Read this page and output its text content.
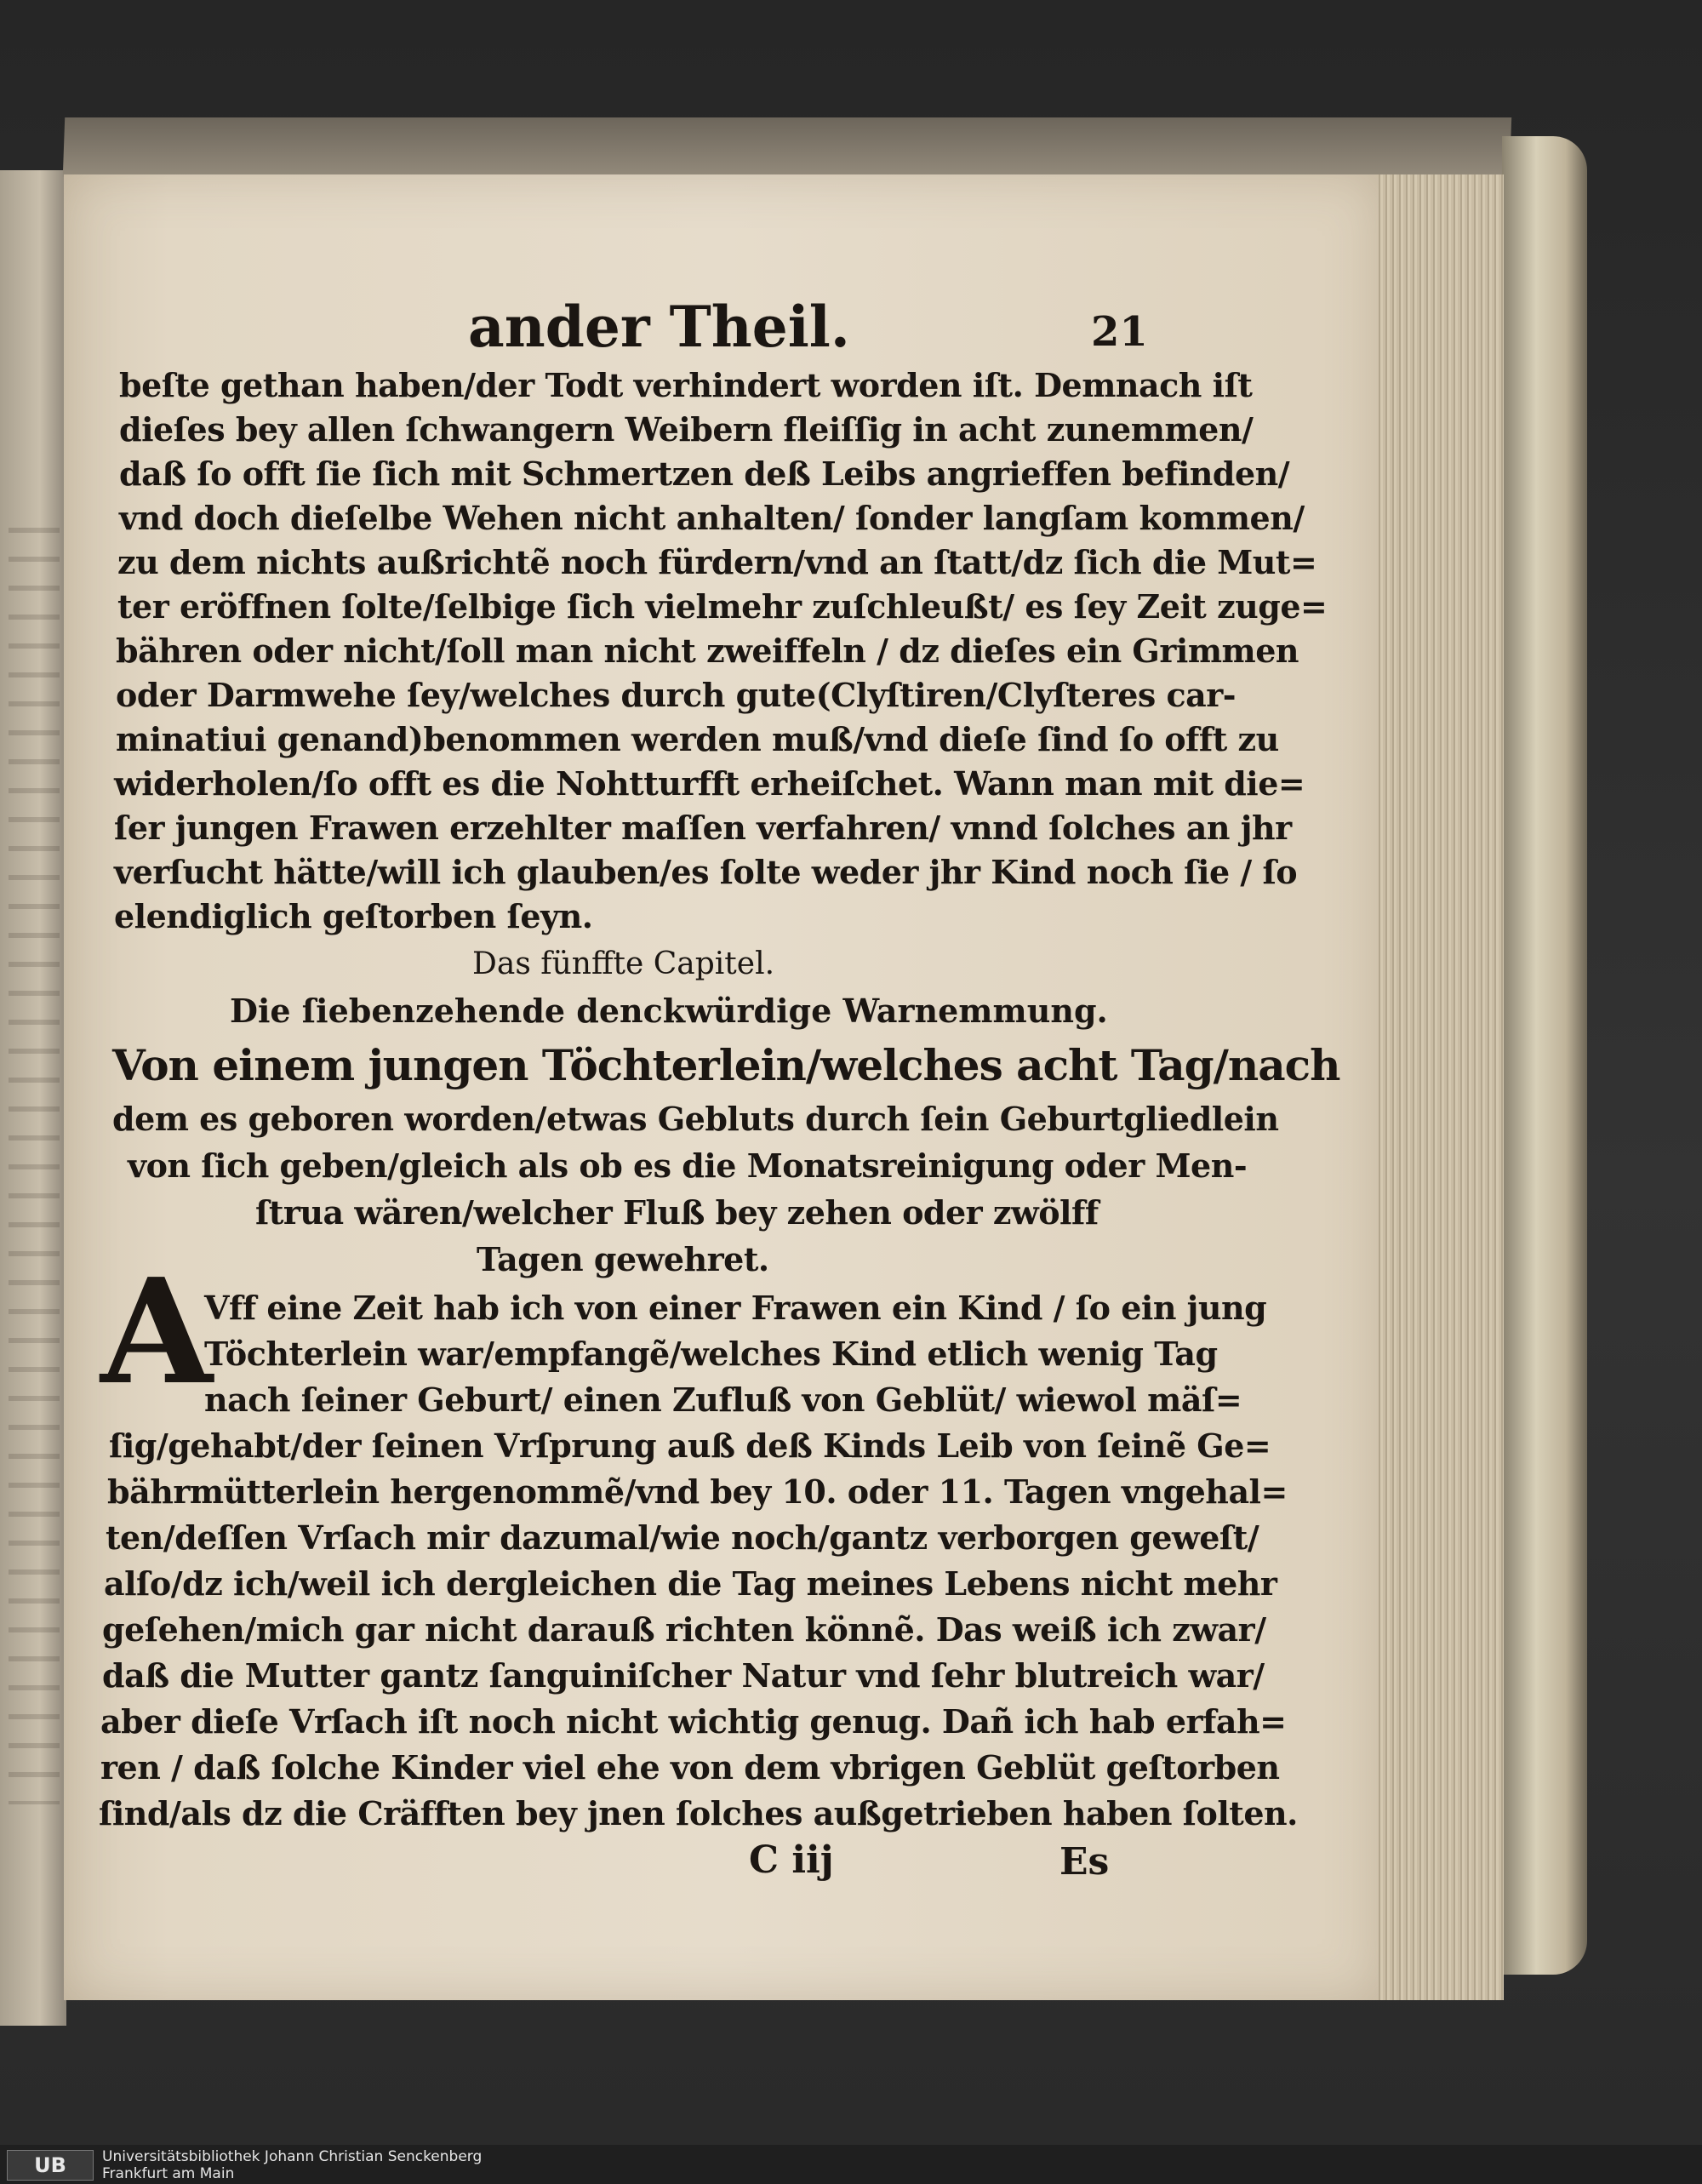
ander Theil.	21
beſte gethan haben/der Todt verhindert worden iſt. Demnach iſt
dieſes bey allen ſchwangern Weibern fleiſſig in acht zunemmen/
daß ſo offt ſie ſich mit Schmertzen deß Leibs angrieffen befinden/
vnd doch dieſelbe Wehen nicht anhalten/ ſonder langſam kommen/
zu dem nichts außrichtẽ noch fürdern/vnd an ſtatt/dz ſich die Mut=
ter eröffnen ſolte/ſelbige ſich vielmehr zuſchleußt/ es ſey Zeit zuge=
bähren oder nicht/ſoll man nicht zweiffeln / dz dieſes ein Grimmen
oder Darmwehe ſey/welches durch gute(Clyſtiren/Clyſteres car-
minatiui genand)benommen werden muß/vnd dieſe ſind ſo offt zu
widerholen/ſo offt es die Nohtturfft erheiſchet. Wann man mit die=
ſer jungen Frawen erzehlter maſſen verfahren/ vnnd ſolches an jhr
verſucht hätte/will ich glauben/es ſolte weder jhr Kind noch ſie / ſo
elendiglich geſtorben ſeyn.
Das fünffte Capitel.
Die ſiebenzehende denckwürdige Warnemmung.
Von einem jungen Töchterlein/welches acht Tag/nach
dem es geboren worden/etwas Gebluts durch ſein Geburtgliedlein
von ſich geben/gleich als ob es die Monatsreinigung oder Men-
ſtrua wären/welcher Fluß bey zehen oder zwölff
Tagen gewehret.
A
Vff eine Zeit hab ich von einer Frawen ein Kind / ſo ein jung
Töchterlein war/empfangẽ/welches Kind etlich wenig Tag
nach ſeiner Geburt/ einen Zufluß von Geblüt/ wiewol mäſ=
ſig/gehabt/der ſeinen Vrſprung auß deß Kinds Leib von ſeinẽ Ge=
bährmütterlein hergenommẽ/vnd bey 10. oder 11. Tagen vngehal=
ten/deſſen Vrſach mir dazumal/wie noch/gantz verborgen geweſt/
alſo/dz ich/weil ich dergleichen die Tag meines Lebens nicht mehr
geſehen/mich gar nicht darauß richten könnẽ. Das weiß ich zwar/
daß die Mutter gantz ſanguiniſcher Natur vnd ſehr blutreich war/
aber dieſe Vrſach iſt noch nicht wichtig genug. Dañ ich hab erfah=
ren / daß ſolche Kinder viel ehe von dem vbrigen Geblüt geſtorben
ſind/als dz die Cräfften bey jnen ſolches außgetrieben haben ſolten.
C iij	Es
UB	Universitätsbibliothek Johann Christian Senckenberg
Frankfurt am Main
